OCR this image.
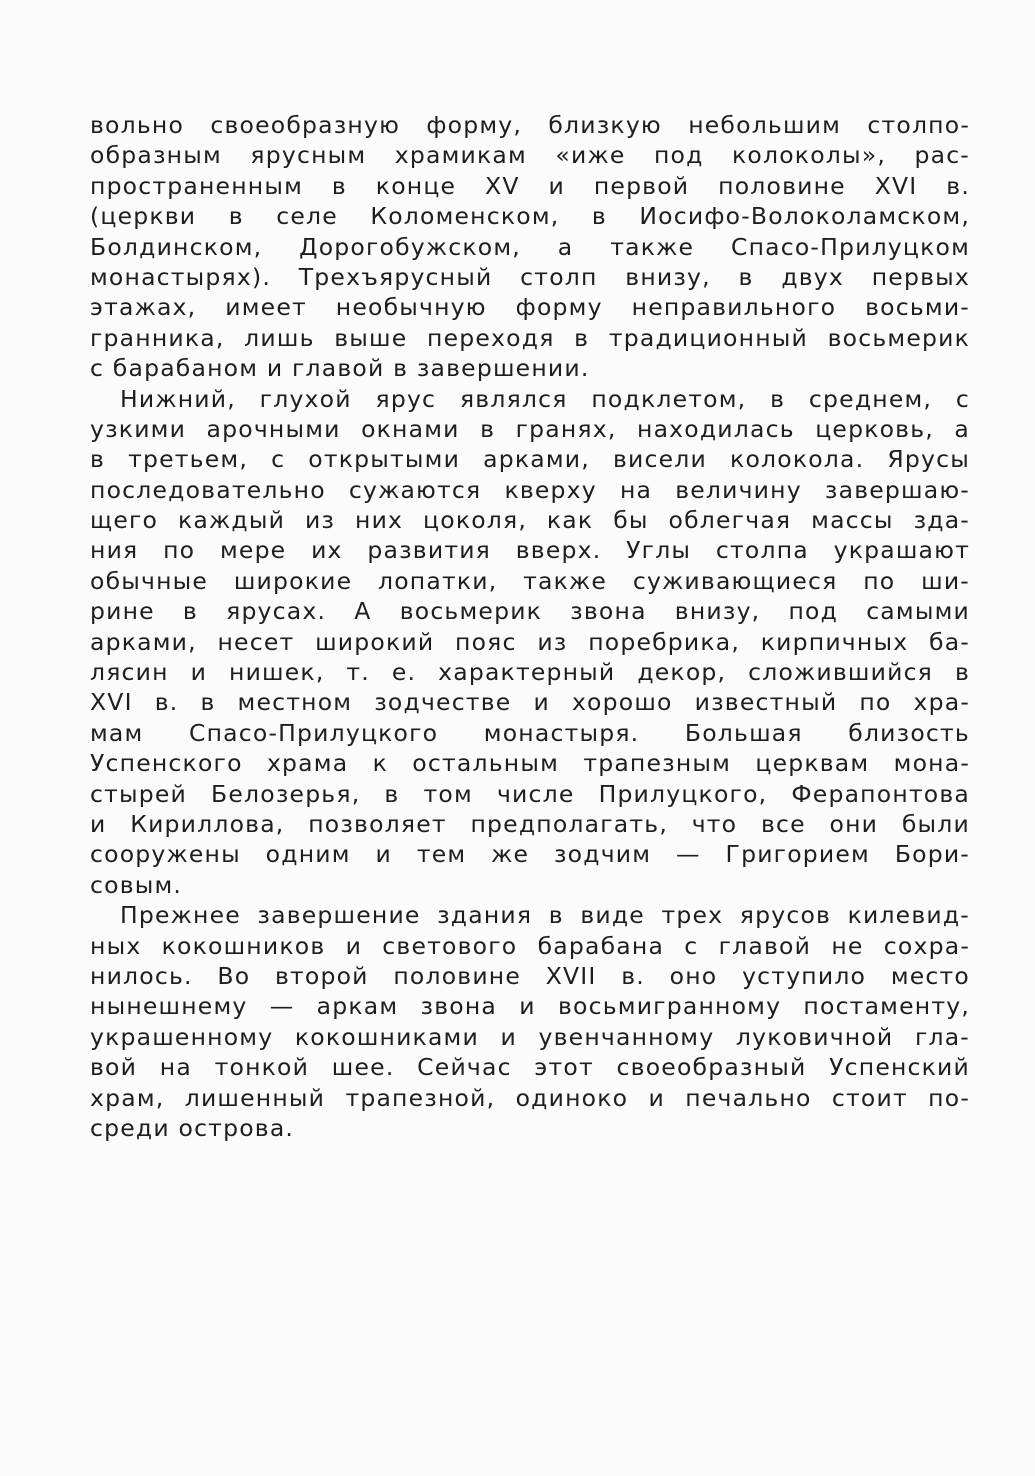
вольно своеобразную форму, близкую небольшим столпо-
образным ярусным храмикам «иже под колоколы», рас-
пространенным в конце XV и первой половине XVI в.
(церкви в селе Коломенском, в Иосифо-Волоколамском,
Болдинском, Дорогобужском, а также Спасо-Прилуцком
монастырях). Трехъярусный столп внизу, в двух первых
этажах, имеет необычную форму неправильного восьми-
гранника, лишь выше переходя в традиционный восьмерик
с барабаном и главой в завершении.
Нижний, глухой ярус являлся подклетом, в среднем, с
узкими арочными окнами в гранях, находилась церковь, а
в третьем, с открытыми арками, висели колокола. Ярусы
последовательно сужаются кверху на величину завершаю-
щего каждый из них цоколя, как бы облегчая массы зда-
ния по мере их развития вверх. Углы столпа украшают
обычные широкие лопатки, также суживающиеся по ши-
рине в ярусах. А восьмерик звона внизу, под самыми
арками, несет широкий пояс из поребрика, кирпичных ба-
лясин и нишек, т. е. характерный декор, сложившийся в
XVI в. в местном зодчестве и хорошо известный по хра-
мам Спасо-Прилуцкого монастыря. Большая близость
Успенского храма к остальным трапезным церквам мона-
стырей Белозерья, в том числе Прилуцкого, Ферапонтова
и Кириллова, позволяет предполагать, что все они были
сооружены одним и тем же зодчим — Григорием Бори-
совым.
Прежнее завершение здания в виде трех ярусов килевид-
ных кокошников и светового барабана с главой не сохра-
нилось. Во второй половине XVII в. оно уступило место
нынешнему — аркам звона и восьмигранному постаменту,
украшенному кокошниками и увенчанному луковичной гла-
вой на тонкой шее. Сейчас этот своеобразный Успенский
храм, лишенный трапезной, одиноко и печально стоит по-
среди острова.
